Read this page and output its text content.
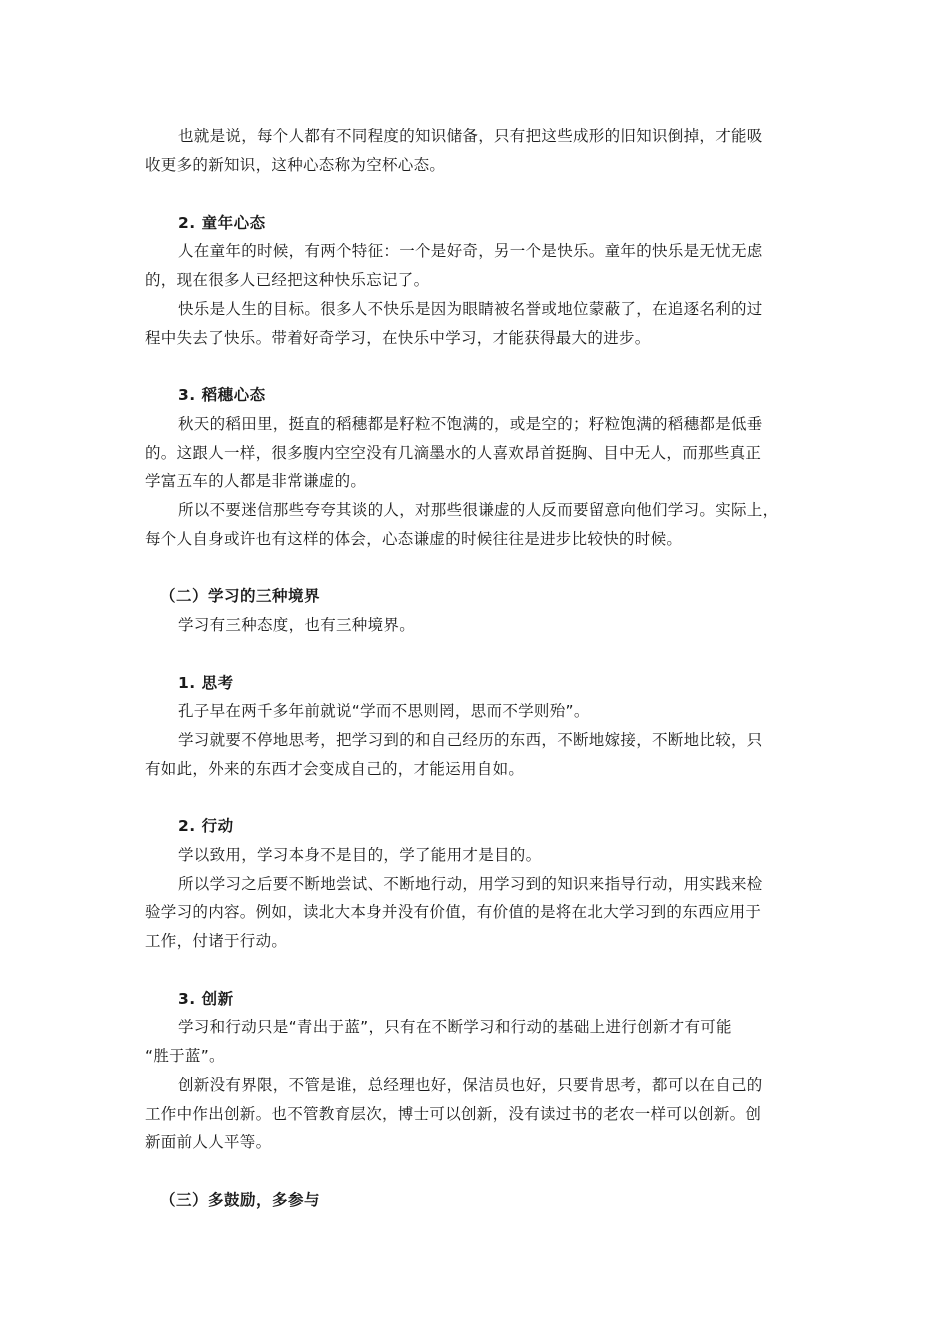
也就是说，每个人都有不同程度的知识储备，只有把这些成形的旧知识倒掉，才能吸
收更多的新知识，这种心态称为空杯心态。
2. 童年心态
人在童年的时候，有两个特征：一个是好奇，另一个是快乐。童年的快乐是无忧无虑
的，现在很多人已经把这种快乐忘记了。
快乐是人生的目标。很多人不快乐是因为眼睛被名誉或地位蒙蔽了，在追逐名利的过
程中失去了快乐。带着好奇学习，在快乐中学习，才能获得最大的进步。
3. 稻穗心态
秋天的稻田里，挺直的稻穗都是籽粒不饱满的，或是空的；籽粒饱满的稻穗都是低垂
的。这跟人一样，很多腹内空空没有几滴墨水的人喜欢昂首挺胸、目中无人，而那些真正
学富五车的人都是非常谦虚的。
所以不要迷信那些夸夸其谈的人，对那些很谦虚的人反而要留意向他们学习。实际上，
每个人自身或许也有这样的体会，心态谦虚的时候往往是进步比较快的时候。
（二）学习的三种境界
学习有三种态度，也有三种境界。
1. 思考
孔子早在两千多年前就说“学而不思则罔，思而不学则殆”。
学习就要不停地思考，把学习到的和自己经历的东西，不断地嫁接，不断地比较，只
有如此，外来的东西才会变成自己的，才能运用自如。
2. 行动
学以致用，学习本身不是目的，学了能用才是目的。
所以学习之后要不断地尝试、不断地行动，用学习到的知识来指导行动，用实践来检
验学习的内容。例如，读北大本身并没有价值，有价值的是将在北大学习到的东西应用于
工作，付诸于行动。
3. 创新
学习和行动只是“青出于蓝”，只有在不断学习和行动的基础上进行创新才有可能
“胜于蓝”。
创新没有界限，不管是谁，总经理也好，保洁员也好，只要肯思考，都可以在自己的
工作中作出创新。也不管教育层次，博士可以创新，没有读过书的老农一样可以创新。创
新面前人人平等。
（三）多鼓励，多参与
